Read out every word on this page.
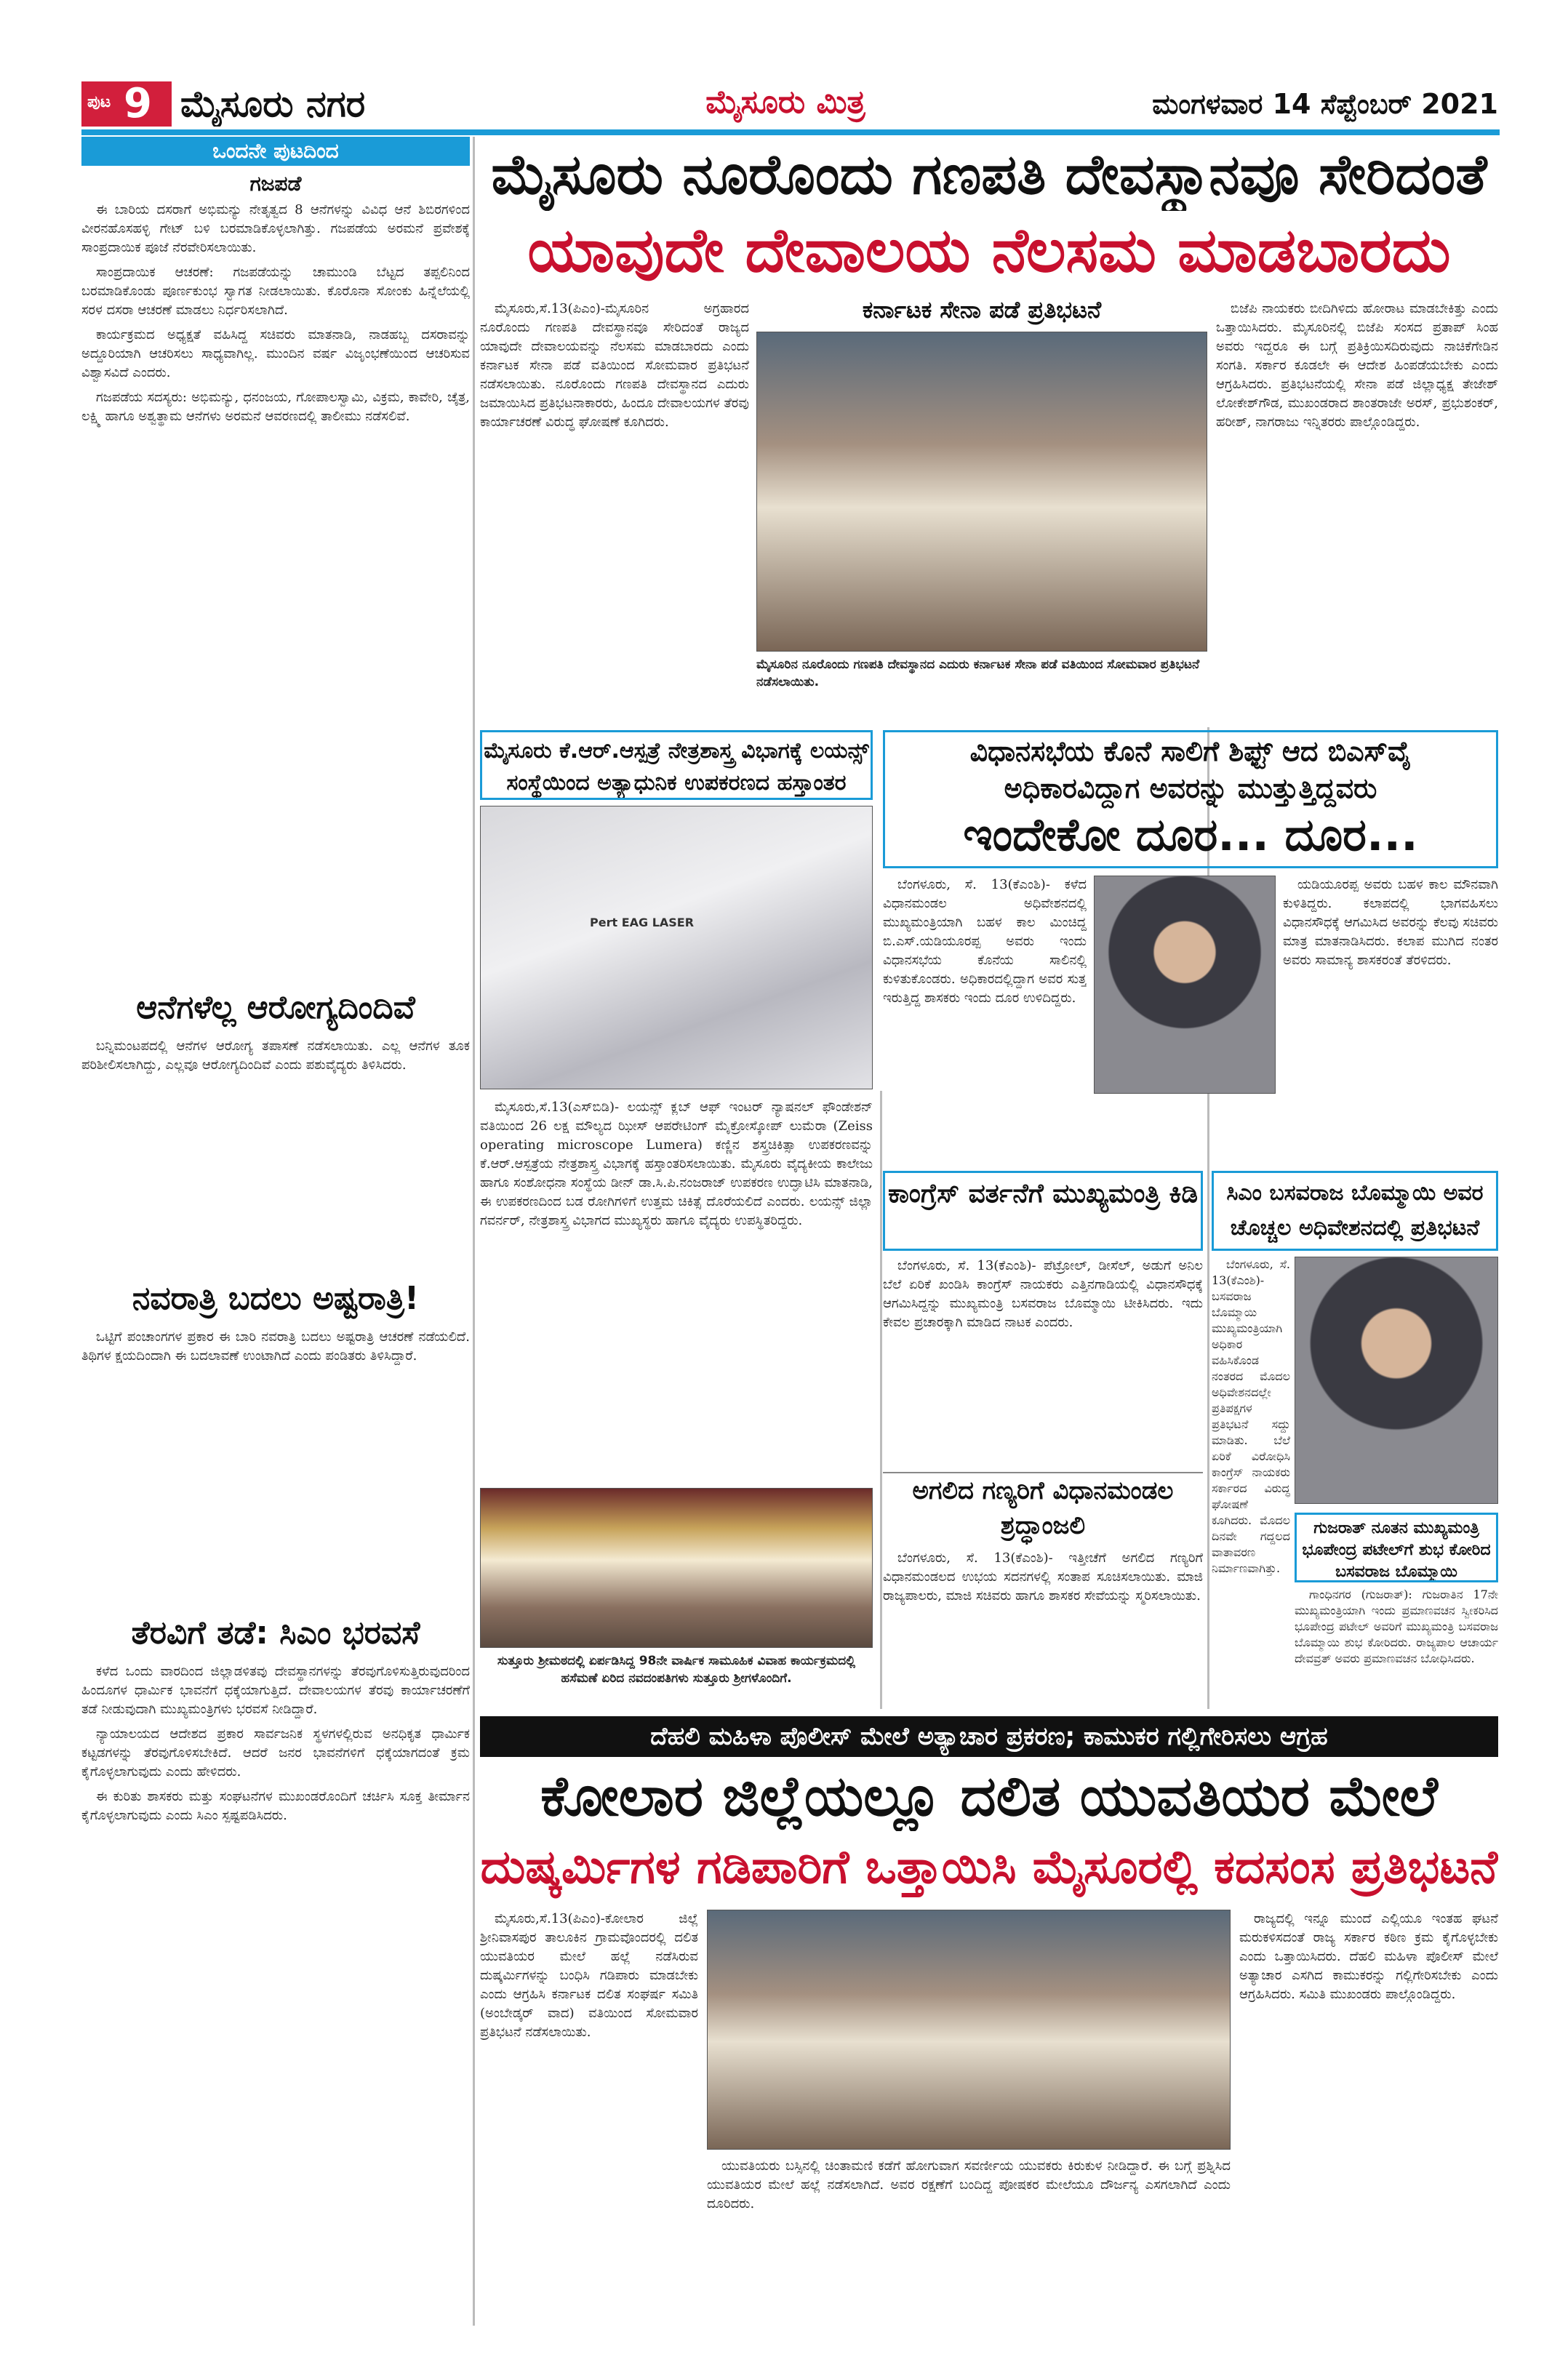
ಪುಟ 9 ಮೈಸೂರು ನಗರ	ಮೈಸೂರು ಮಿತ್ರ	ಮಂಗಳವಾರ 14 ಸೆಪ್ಟೆಂಬರ್ 2021
ಒಂದನೇ ಪುಟದಿಂದ
ಗಜಪಡೆ

ಈ ಬಾರಿಯ ದಸರಾಗೆ ಅಭಿಮನ್ಯು ನೇತೃತ್ವದ 8 ಆನೆಗಳನ್ನು ವಿವಿಧ ಆನೆ ಶಿಬಿರಗಳಿಂದ ವೀರನಹೊಸಹಳ್ಳಿ ಗೇಟ್ ಬಳಿ ಬರಮಾಡಿಕೊಳ್ಳಲಾಗಿತ್ತು. ಗಜಪಡೆಯ ಅರಮನೆ ಪ್ರವೇಶಕ್ಕೆ ಸಾಂಪ್ರದಾಯಿಕ ಪೂಜೆ ನೆರವೇರಿಸಲಾಯಿತು.

ಸಾಂಪ್ರದಾಯಿಕ ಆಚರಣೆ: ಗಜಪಡೆಯನ್ನು ಚಾಮುಂಡಿ ಬೆಟ್ಟದ ತಪ್ಪಲಿನಿಂದ ಬರಮಾಡಿಕೊಂಡು ಪೂರ್ಣಕುಂಭ ಸ್ವಾಗತ ನೀಡಲಾಯಿತು. ಕೊರೊನಾ ಸೋಂಕು ಹಿನ್ನೆಲೆಯಲ್ಲಿ ಸರಳ ದಸರಾ ಆಚರಣೆ ಮಾಡಲು ನಿರ್ಧರಿಸಲಾಗಿದೆ.

ಕಾರ್ಯಕ್ರಮದ ಅಧ್ಯಕ್ಷತೆ ವಹಿಸಿದ್ದ ಸಚಿವರು ಮಾತನಾಡಿ, ನಾಡಹಬ್ಬ ದಸರಾವನ್ನು ಅದ್ದೂರಿಯಾಗಿ ಆಚರಿಸಲು ಸಾಧ್ಯವಾಗಿಲ್ಲ. ಮುಂದಿನ ವರ್ಷ ವಿಜೃಂಭಣೆಯಿಂದ ಆಚರಿಸುವ ವಿಶ್ವಾಸವಿದೆ ಎಂದರು.

ಗಜಪಡೆಯ ಸದಸ್ಯರು: ಅಭಿಮನ್ಯು, ಧನಂಜಯ, ಗೋಪಾಲಸ್ವಾಮಿ, ವಿಕ್ರಮ, ಕಾವೇರಿ, ಚೈತ್ರ, ಲಕ್ಷ್ಮಿ ಹಾಗೂ ಅಶ್ವತ್ಥಾಮ ಆನೆಗಳು ಅರಮನೆ ಆವರಣದಲ್ಲಿ ತಾಲೀಮು ನಡೆಸಲಿವೆ.

ಆನೆಗಳೆಲ್ಲ ಆರೋಗ್ಯದಿಂದಿವೆ

ಬನ್ನಿಮಂಟಪದಲ್ಲಿ ಆನೆಗಳ ಆರೋಗ್ಯ ತಪಾಸಣೆ ನಡೆಸಲಾಯಿತು. ಎಲ್ಲ ಆನೆಗಳ ತೂಕ ಪರಿಶೀಲಿಸಲಾಗಿದ್ದು, ಎಲ್ಲವೂ ಆರೋಗ್ಯದಿಂದಿವೆ ಎಂದು ಪಶುವೈದ್ಯರು ತಿಳಿಸಿದರು.

ನವರಾತ್ರಿ ಬದಲು ಅಷ್ಟರಾತ್ರಿ!

ಒಟ್ಟಿಗೆ ಪಂಚಾಂಗಗಳ ಪ್ರಕಾರ ಈ ಬಾರಿ ನವರಾತ್ರಿ ಬದಲು ಅಷ್ಟರಾತ್ರಿ ಆಚರಣೆ ನಡೆಯಲಿದೆ. ತಿಥಿಗಳ ಕ್ಷಯದಿಂದಾಗಿ ಈ ಬದಲಾವಣೆ ಉಂಟಾಗಿದೆ ಎಂದು ಪಂಡಿತರು ತಿಳಿಸಿದ್ದಾರೆ.

ತೆರವಿಗೆ ತಡೆ: ಸಿಎಂ ಭರವಸೆ

ಕಳೆದ ಒಂದು ವಾರದಿಂದ ಜಿಲ್ಲಾಡಳಿತವು ದೇವಸ್ಥಾನಗಳನ್ನು ತೆರವುಗೊಳಿಸುತ್ತಿರುವುದರಿಂದ ಹಿಂದೂಗಳ ಧಾರ್ಮಿಕ ಭಾವನೆಗೆ ಧಕ್ಕೆಯಾಗುತ್ತಿದೆ. ದೇವಾಲಯಗಳ ತೆರವು ಕಾರ್ಯಾಚರಣೆಗೆ ತಡೆ ನೀಡುವುದಾಗಿ ಮುಖ್ಯಮಂತ್ರಿಗಳು ಭರವಸೆ ನೀಡಿದ್ದಾರೆ.

ನ್ಯಾಯಾಲಯದ ಆದೇಶದ ಪ್ರಕಾರ ಸಾರ್ವಜನಿಕ ಸ್ಥಳಗಳಲ್ಲಿರುವ ಅನಧಿಕೃತ ಧಾರ್ಮಿಕ ಕಟ್ಟಡಗಳನ್ನು ತೆರವುಗೊಳಿಸಬೇಕಿದೆ. ಆದರೆ ಜನರ ಭಾವನೆಗಳಿಗೆ ಧಕ್ಕೆಯಾಗದಂತೆ ಕ್ರಮ ಕೈಗೊಳ್ಳಲಾಗುವುದು ಎಂದು ಹೇಳಿದರು.

ಈ ಕುರಿತು ಶಾಸಕರು ಮತ್ತು ಸಂಘಟನೆಗಳ ಮುಖಂಡರೊಂದಿಗೆ ಚರ್ಚಿಸಿ ಸೂಕ್ತ ತೀರ್ಮಾನ ಕೈಗೊಳ್ಳಲಾಗುವುದು ಎಂದು ಸಿಎಂ ಸ್ಪಷ್ಟಪಡಿಸಿದರು.

ಮೈಸೂರು ನೂರೊಂದು ಗಣಪತಿ ದೇವಸ್ಥಾನವೂ ಸೇರಿದಂತೆ
ಯಾವುದೇ ದೇವಾಲಯ ನೆಲಸಮ ಮಾಡಬಾರದು
ಕರ್ನಾಟಕ ಸೇನಾ ಪಡೆ ಪ್ರತಿಭಟನೆ

ಮೈಸೂರು,ಸೆ.13(ಪಿಎಂ)-ಮೈಸೂರಿನ ಅಗ್ರಹಾರದ ನೂರೊಂದು ಗಣಪತಿ ದೇವಸ್ಥಾನವೂ ಸೇರಿದಂತೆ ರಾಜ್ಯದ ಯಾವುದೇ ದೇವಾಲಯವನ್ನು ನೆಲಸಮ ಮಾಡಬಾರದು ಎಂದು ಕರ್ನಾಟಕ ಸೇನಾ ಪಡೆ ವತಿಯಿಂದ ಸೋಮವಾರ ಪ್ರತಿಭಟನೆ ನಡೆಸಲಾಯಿತು. ನೂರೊಂದು ಗಣಪತಿ ದೇವಸ್ಥಾನದ ಎದುರು ಜಮಾಯಿಸಿದ ಪ್ರತಿಭಟನಾಕಾರರು, ಹಿಂದೂ ದೇವಾಲಯಗಳ ತೆರವು ಕಾರ್ಯಾಚರಣೆ ವಿರುದ್ಧ ಘೋಷಣೆ ಕೂಗಿದರು.

ಮೈಸೂರಿನ ನೂರೊಂದು ಗಣಪತಿ ದೇವಸ್ಥಾನದ ಎದುರು ಕರ್ನಾಟಕ ಸೇನಾ ಪಡೆ ವತಿಯಿಂದ ಸೋಮವಾರ ಪ್ರತಿಭಟನೆ ನಡೆಸಲಾಯಿತು.

ಬಿಜೆಪಿ ನಾಯಕರು ಬೀದಿಗಿಳಿದು ಹೋರಾಟ ಮಾಡಬೇಕಿತ್ತು ಎಂದು ಒತ್ತಾಯಿಸಿದರು. ಮೈಸೂರಿನಲ್ಲಿ ಬಿಜೆಪಿ ಸಂಸದ ಪ್ರತಾಪ್ ಸಿಂಹ ಅವರು ಇದ್ದರೂ ಈ ಬಗ್ಗೆ ಪ್ರತಿಕ್ರಿಯಿಸದಿರುವುದು ನಾಚಿಕೆಗೇಡಿನ ಸಂಗತಿ. ಸರ್ಕಾರ ಕೂಡಲೇ ಈ ಆದೇಶ ಹಿಂಪಡೆಯಬೇಕು ಎಂದು ಆಗ್ರಹಿಸಿದರು. ಪ್ರತಿಭಟನೆಯಲ್ಲಿ ಸೇನಾ ಪಡೆ ಜಿಲ್ಲಾಧ್ಯಕ್ಷ ತೇಜೇಶ್ ಲೋಕೇಶ್‌ಗೌಡ, ಮುಖಂಡರಾದ ಶಾಂತರಾಜೇ ಅರಸ್, ಪ್ರಭುಶಂಕರ್, ಹರೀಶ್, ನಾಗರಾಜು ಇನ್ನಿತರರು ಪಾಲ್ಗೊಂಡಿದ್ದರು.

ಮೈಸೂರು ಕೆ.ಆರ್.ಆಸ್ಪತ್ರೆ ನೇತ್ರಶಾಸ್ತ್ರ ವಿಭಾಗಕ್ಕೆ ಲಯನ್ಸ್ ಸಂಸ್ಥೆಯಿಂದ ಅತ್ಯಾಧುನಿಕ ಉಪಕರಣದ ಹಸ್ತಾಂತರ
Pert EAG LASER

ಮೈಸೂರು,ಸೆ.13(ಎಸ್‌ಬಿಡಿ)- ಲಯನ್ಸ್ ಕ್ಲಬ್ ಆಫ್ ಇಂಟರ್ ನ್ಯಾಷನಲ್ ಫೌಂಡೇಶನ್ ವತಿಯಿಂದ 26 ಲಕ್ಷ ಮೌಲ್ಯದ ಝೀಸ್ ಆಪರೇಟಿಂಗ್ ಮೈಕ್ರೋಸ್ಕೋಪ್ ಲುಮೆರಾ (Zeiss operating microscope Lumera) ಕಣ್ಣಿನ ಶಸ್ತ್ರಚಿಕಿತ್ಸಾ ಉಪಕರಣವನ್ನು ಕೆ.ಆರ್.ಆಸ್ಪತ್ರೆಯ ನೇತ್ರಶಾಸ್ತ್ರ ವಿಭಾಗಕ್ಕೆ ಹಸ್ತಾಂತರಿಸಲಾಯಿತು. ಮೈಸೂರು ವೈದ್ಯಕೀಯ ಕಾಲೇಜು ಹಾಗೂ ಸಂಶೋಧನಾ ಸಂಸ್ಥೆಯ ಡೀನ್ ಡಾ.ಸಿ.ಪಿ.ನಂಜರಾಜ್ ಉಪಕರಣ ಉದ್ಘಾಟಿಸಿ ಮಾತನಾಡಿ, ಈ ಉಪಕರಣದಿಂದ ಬಡ ರೋಗಿಗಳಿಗೆ ಉತ್ತಮ ಚಿಕಿತ್ಸೆ ದೊರೆಯಲಿದೆ ಎಂದರು. ಲಯನ್ಸ್ ಜಿಲ್ಲಾ ಗವರ್ನರ್, ನೇತ್ರಶಾಸ್ತ್ರ ವಿಭಾಗದ ಮುಖ್ಯಸ್ಥರು ಹಾಗೂ ವೈದ್ಯರು ಉಪಸ್ಥಿತರಿದ್ದರು.

ಸುತ್ತೂರು ಶ್ರೀಮಠದಲ್ಲಿ ಏರ್ಪಡಿಸಿದ್ದ 98ನೇ ವಾರ್ಷಿಕ ಸಾಮೂಹಿಕ ವಿವಾಹ ಕಾರ್ಯಕ್ರಮದಲ್ಲಿ ಹಸೆಮಣೆ ಏರಿದ ನವದಂಪತಿಗಳು ಸುತ್ತೂರು ಶ್ರೀಗಳೊಂದಿಗೆ.
ವಿಧಾನಸಭೆಯ ಕೊನೆ ಸಾಲಿಗೆ ಶಿಫ್ಟ್ ಆದ ಬಿಎಸ್‌ವೈ
ಅಧಿಕಾರವಿದ್ದಾಗ ಅವರನ್ನು ಮುತ್ತುತ್ತಿದ್ದವರು
ಇಂದೇಕೋ ದೂರ... ದೂರ...

ಬೆಂಗಳೂರು, ಸೆ. 13(ಕೆಎಂಶಿ)- ಕಳೆದ ವಿಧಾನಮಂಡಲ ಅಧಿವೇಶನದಲ್ಲಿ ಮುಖ್ಯಮಂತ್ರಿಯಾಗಿ ಬಹಳ ಕಾಲ ಮಿಂಚಿದ್ದ ಬಿ.ಎಸ್.ಯಡಿಯೂರಪ್ಪ ಅವರು ಇಂದು ವಿಧಾನಸಭೆಯ ಕೊನೆಯ ಸಾಲಿನಲ್ಲಿ ಕುಳಿತುಕೊಂಡರು. ಅಧಿಕಾರದಲ್ಲಿದ್ದಾಗ ಅವರ ಸುತ್ತ ಇರುತ್ತಿದ್ದ ಶಾಸಕರು ಇಂದು ದೂರ ಉಳಿದಿದ್ದರು.

ಯಡಿಯೂರಪ್ಪ ಅವರು ಬಹಳ ಕಾಲ ಮೌನವಾಗಿ ಕುಳಿತಿದ್ದರು. ಕಲಾಪದಲ್ಲಿ ಭಾಗವಹಿಸಲು ವಿಧಾನಸೌಧಕ್ಕೆ ಆಗಮಿಸಿದ ಅವರನ್ನು ಕೆಲವು ಸಚಿವರು ಮಾತ್ರ ಮಾತನಾಡಿಸಿದರು. ಕಲಾಪ ಮುಗಿದ ನಂತರ ಅವರು ಸಾಮಾನ್ಯ ಶಾಸಕರಂತೆ ತೆರಳಿದರು.

ಕಾಂಗ್ರೆಸ್ ವರ್ತನೆಗೆ ಮುಖ್ಯಮಂತ್ರಿ ಕಿಡಿ

ಬೆಂಗಳೂರು, ಸೆ. 13(ಕೆಎಂಶಿ)- ಪೆಟ್ರೋಲ್, ಡೀಸೆಲ್, ಅಡುಗೆ ಅನಿಲ ಬೆಲೆ ಏರಿಕೆ ಖಂಡಿಸಿ ಕಾಂಗ್ರೆಸ್ ನಾಯಕರು ಎತ್ತಿನಗಾಡಿಯಲ್ಲಿ ವಿಧಾನಸೌಧಕ್ಕೆ ಆಗಮಿಸಿದ್ದನ್ನು ಮುಖ್ಯಮಂತ್ರಿ ಬಸವರಾಜ ಬೊಮ್ಮಾಯಿ ಟೀಕಿಸಿದರು. ಇದು ಕೇವಲ ಪ್ರಚಾರಕ್ಕಾಗಿ ಮಾಡಿದ ನಾಟಕ ಎಂದರು.

ಅಗಲಿದ ಗಣ್ಯರಿಗೆ ವಿಧಾನಮಂಡಲ ಶ್ರದ್ಧಾಂಜಲಿ

ಬೆಂಗಳೂರು, ಸೆ. 13(ಕೆಎಂಶಿ)- ಇತ್ತೀಚೆಗೆ ಅಗಲಿದ ಗಣ್ಯರಿಗೆ ವಿಧಾನಮಂಡಲದ ಉಭಯ ಸದನಗಳಲ್ಲಿ ಸಂತಾಪ ಸೂಚಿಸಲಾಯಿತು. ಮಾಜಿ ರಾಜ್ಯಪಾಲರು, ಮಾಜಿ ಸಚಿವರು ಹಾಗೂ ಶಾಸಕರ ಸೇವೆಯನ್ನು ಸ್ಮರಿಸಲಾಯಿತು.

ಸಿಎಂ ಬಸವರಾಜ ಬೊಮ್ಮಾಯಿ ಅವರ ಚೊಚ್ಚಲ ಅಧಿವೇಶನದಲ್ಲಿ ಪ್ರತಿಭಟನೆ

ಬೆಂಗಳೂರು, ಸೆ. 13(ಕೆಎಂಶಿ)- ಬಸವರಾಜ ಬೊಮ್ಮಾಯಿ ಮುಖ್ಯಮಂತ್ರಿಯಾಗಿ ಅಧಿಕಾರ ವಹಿಸಿಕೊಂಡ ನಂತರದ ಮೊದಲ ಅಧಿವೇಶನದಲ್ಲೇ ಪ್ರತಿಪಕ್ಷಗಳ ಪ್ರತಿಭಟನೆ ಸದ್ದು ಮಾಡಿತು. ಬೆಲೆ ಏರಿಕೆ ವಿರೋಧಿಸಿ ಕಾಂಗ್ರೆಸ್ ನಾಯಕರು ಸರ್ಕಾರದ ವಿರುದ್ಧ ಘೋಷಣೆ ಕೂಗಿದರು. ಮೊದಲ ದಿನವೇ ಗದ್ದಲದ ವಾತಾವರಣ ನಿರ್ಮಾಣವಾಗಿತ್ತು.

ಗುಜರಾತ್ ನೂತನ ಮುಖ್ಯಮಂತ್ರಿ ಭೂಪೇಂದ್ರ ಪಟೇಲ್‌ಗೆ ಶುಭ ಕೋರಿದ ಬಸವರಾಜ ಬೊಮ್ಮಾಯಿ

ಗಾಂಧಿನಗರ (ಗುಜರಾತ್): ಗುಜರಾತಿನ 17ನೇ ಮುಖ್ಯಮಂತ್ರಿಯಾಗಿ ಇಂದು ಪ್ರಮಾಣವಚನ ಸ್ವೀಕರಿಸಿದ ಭೂಪೇಂದ್ರ ಪಟೇಲ್ ಅವರಿಗೆ ಮುಖ್ಯಮಂತ್ರಿ ಬಸವರಾಜ ಬೊಮ್ಮಾಯಿ ಶುಭ ಕೋರಿದರು. ರಾಜ್ಯಪಾಲ ಆಚಾರ್ಯ ದೇವವ್ರತ್ ಅವರು ಪ್ರಮಾಣವಚನ ಬೋಧಿಸಿದರು.

ದೆಹಲಿ ಮಹಿಳಾ ಪೊಲೀಸ್ ಮೇಲೆ ಅತ್ಯಾಚಾರ ಪ್ರಕರಣ; ಕಾಮುಕರ ಗಲ್ಲಿಗೇರಿಸಲು ಆಗ್ರಹ
ಕೋಲಾರ ಜಿಲ್ಲೆಯಲ್ಲೂ ದಲಿತ ಯುವತಿಯರ ಮೇಲೆ
ದುಷ್ಕರ್ಮಿಗಳ ಗಡಿಪಾರಿಗೆ ಒತ್ತಾಯಿಸಿ ಮೈಸೂರಲ್ಲಿ ಕದಸಂಸ ಪ್ರತಿಭಟನೆ

ಮೈಸೂರು,ಸೆ.13(ಪಿಎಂ)-ಕೋಲಾರ ಜಿಲ್ಲೆ ಶ್ರೀನಿವಾಸಪುರ ತಾಲೂಕಿನ ಗ್ರಾಮವೊಂದರಲ್ಲಿ ದಲಿತ ಯುವತಿಯರ ಮೇಲೆ ಹಲ್ಲೆ ನಡೆಸಿರುವ ದುಷ್ಕರ್ಮಿಗಳನ್ನು ಬಂಧಿಸಿ ಗಡಿಪಾರು ಮಾಡಬೇಕು ಎಂದು ಆಗ್ರಹಿಸಿ ಕರ್ನಾಟಕ ದಲಿತ ಸಂಘರ್ಷ ಸಮಿತಿ (ಅಂಬೇಡ್ಕರ್ ವಾದ) ವತಿಯಿಂದ ಸೋಮವಾರ ಪ್ರತಿಭಟನೆ ನಡೆಸಲಾಯಿತು.

ಯುವತಿಯರು ಬಸ್ಸಿನಲ್ಲಿ ಚಿಂತಾಮಣಿ ಕಡೆಗೆ ಹೋಗುವಾಗ ಸವರ್ಣೀಯ ಯುವಕರು ಕಿರುಕುಳ ನೀಡಿದ್ದಾರೆ. ಈ ಬಗ್ಗೆ ಪ್ರಶ್ನಿಸಿದ ಯುವತಿಯರ ಮೇಲೆ ಹಲ್ಲೆ ನಡೆಸಲಾಗಿದೆ. ಅವರ ರಕ್ಷಣೆಗೆ ಬಂದಿದ್ದ ಪೋಷಕರ ಮೇಲೆಯೂ ದೌರ್ಜನ್ಯ ಎಸಗಲಾಗಿದೆ ಎಂದು ದೂರಿದರು.

ರಾಜ್ಯದಲ್ಲಿ ಇನ್ನೂ ಮುಂದೆ ಎಲ್ಲಿಯೂ ಇಂತಹ ಘಟನೆ ಮರುಕಳಿಸದಂತೆ ರಾಜ್ಯ ಸರ್ಕಾರ ಕಠಿಣ ಕ್ರಮ ಕೈಗೊಳ್ಳಬೇಕು ಎಂದು ಒತ್ತಾಯಿಸಿದರು. ದೆಹಲಿ ಮಹಿಳಾ ಪೊಲೀಸ್ ಮೇಲೆ ಅತ್ಯಾಚಾರ ಎಸಗಿದ ಕಾಮುಕರನ್ನು ಗಲ್ಲಿಗೇರಿಸಬೇಕು ಎಂದು ಆಗ್ರಹಿಸಿದರು. ಸಮಿತಿ ಮುಖಂಡರು ಪಾಲ್ಗೊಂಡಿದ್ದರು.
